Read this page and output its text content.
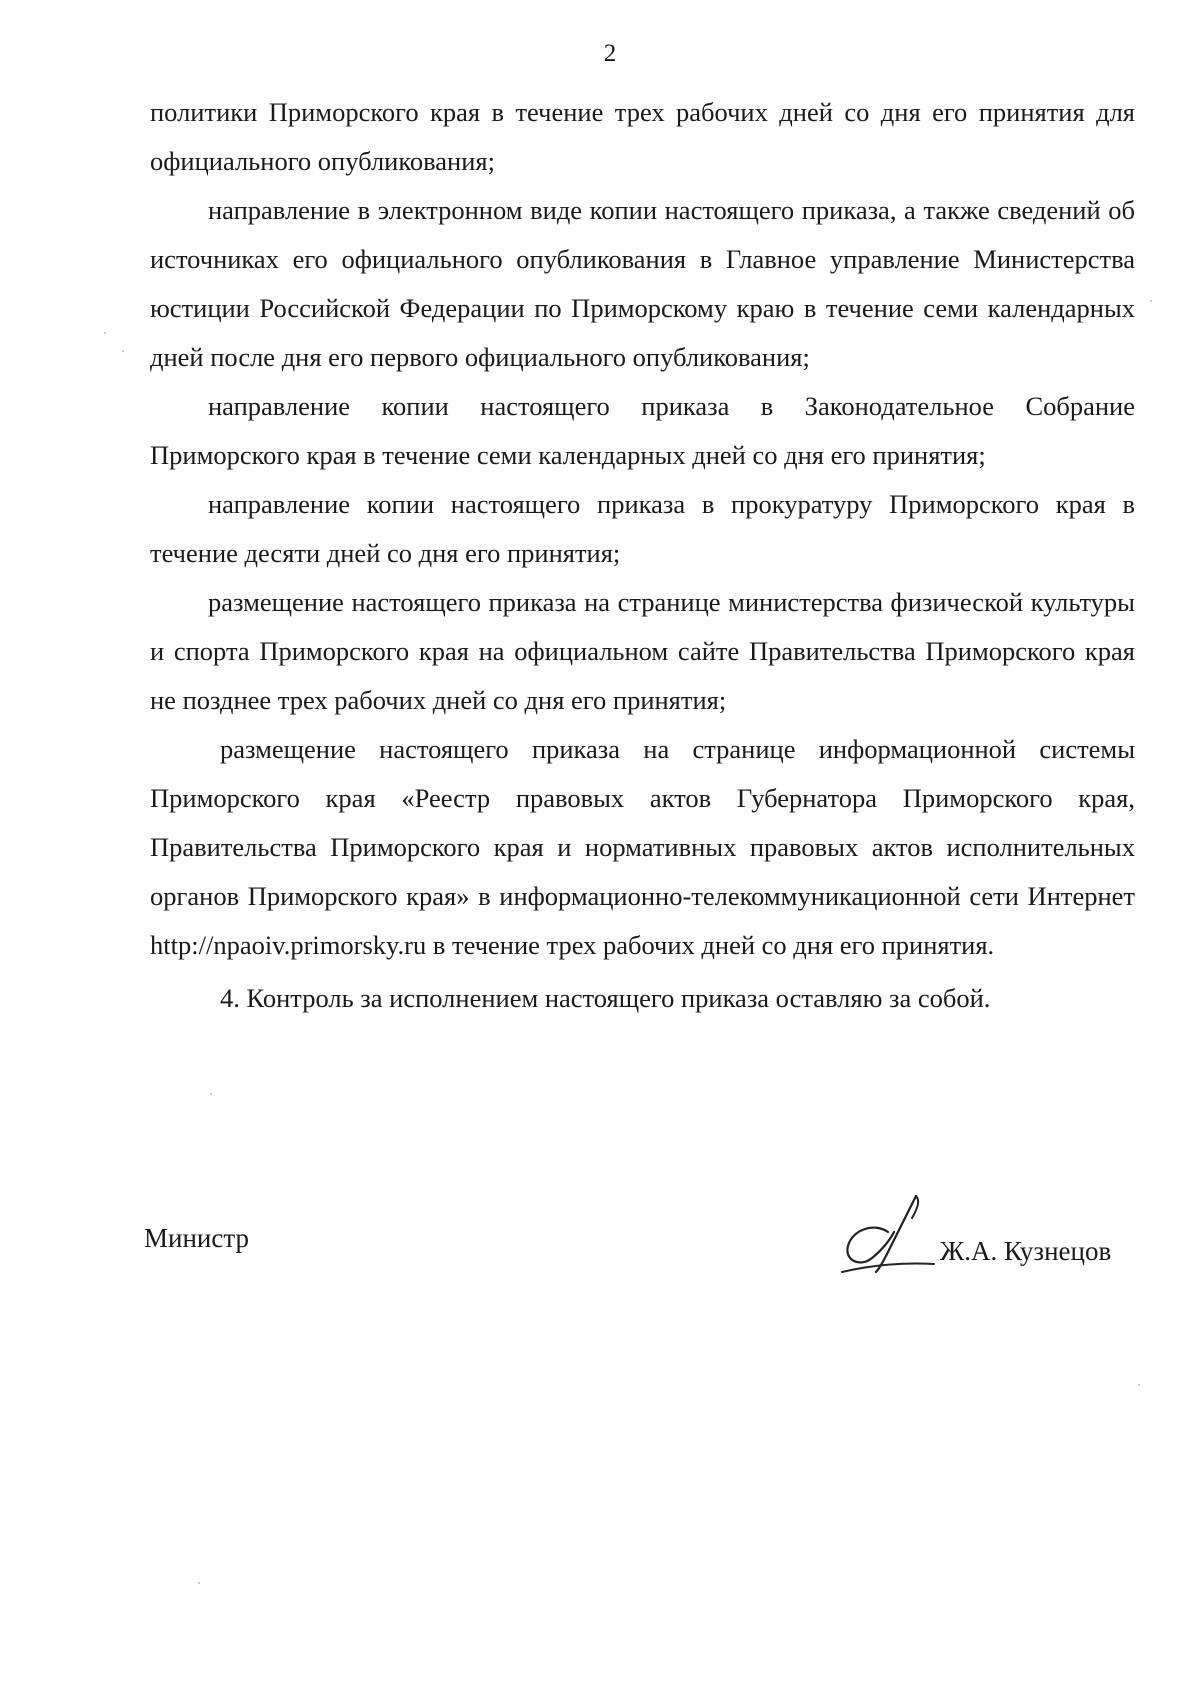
2

политики Приморского края в течение трех рабочих дней со дня его принятия для официального опубликования;

направление в электронном виде копии настоящего приказа, а также сведений об источниках его официального опубликования в Главное управление Министерства юстиции Российской Федерации по Приморскому краю в течение семи календарных дней после дня его первого официального опубликования;

направление копии настоящего приказа в Законодательное Собрание Приморского края в течение семи календарных дней со дня его принятия;

направление копии настоящего приказа в прокуратуру Приморского края в течение десяти дней со дня его принятия;

размещение настоящего приказа на странице министерства физической культуры и спорта Приморского края на официальном сайте Правительства Приморского края не позднее трех рабочих дней со дня его принятия;

размещение настоящего приказа на странице информационной системы Приморского края «Реестр правовых актов Губернатора Приморского края, Правительства Приморского края и нормативных правовых актов исполнительных органов Приморского края» в информационно-телекоммуникационной сети Интернет http://npaoiv.primorsky.ru в течение трех рабочих дней со дня его принятия.

4. Контроль за исполнением настоящего приказа оставляю за собой.

Министр	Ж.А. Кузнецов
